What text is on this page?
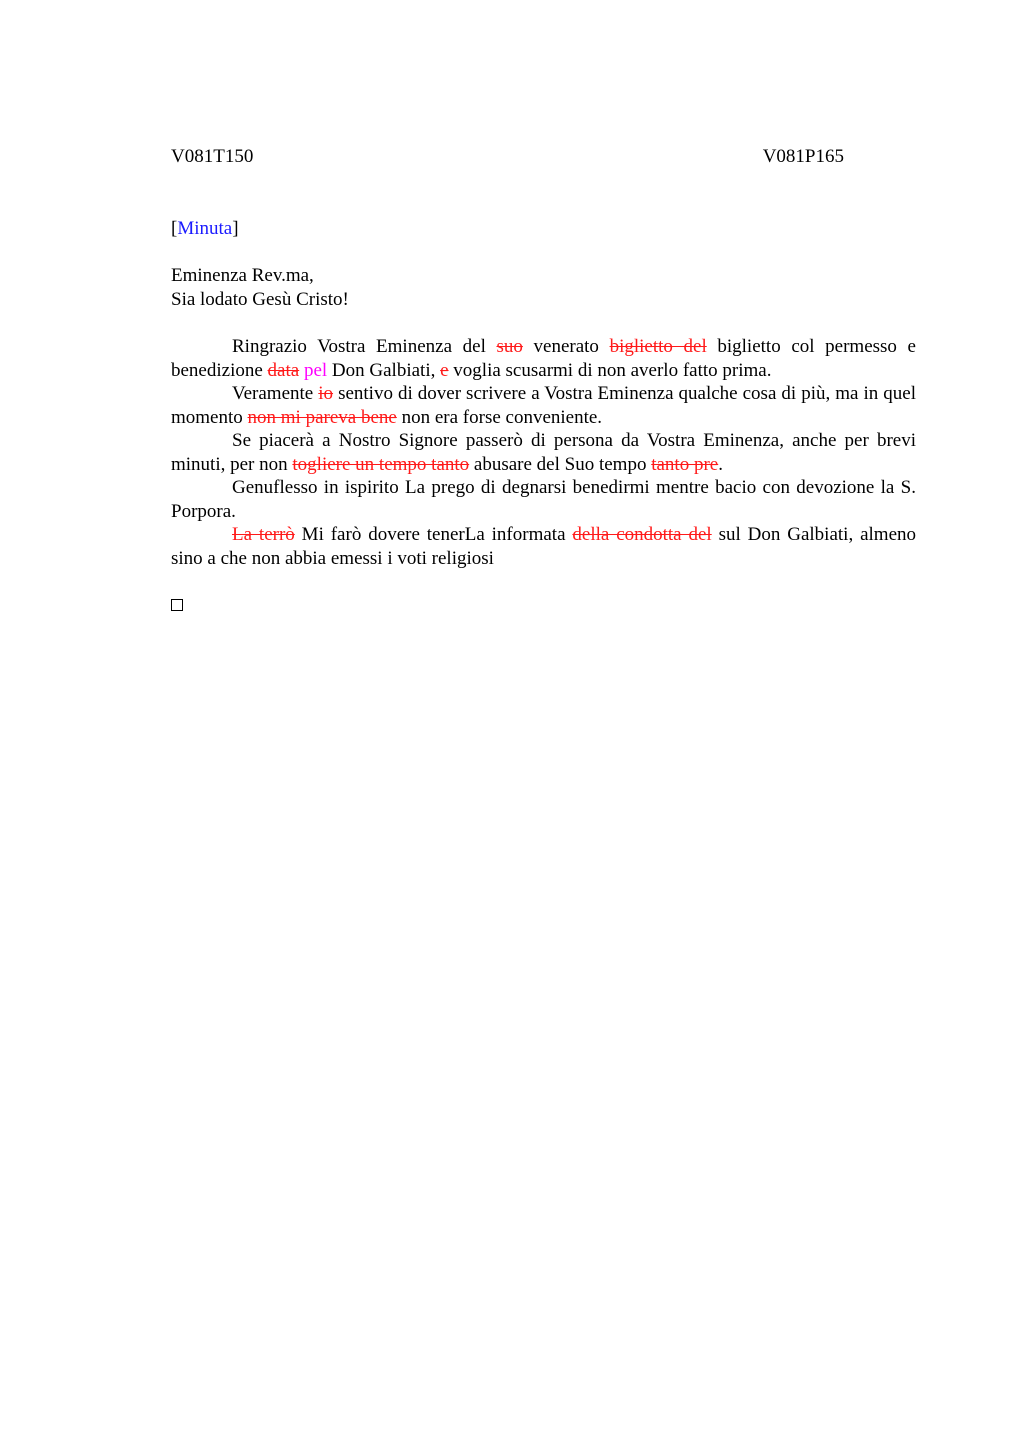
V081T150	V081P165
[Minuta]
Eminenza Rev.ma,
Sia lodato Gesù Cristo!

Ringrazio Vostra Eminenza del suo venerato biglietto del biglietto col permesso e benedizione data pel Don Galbiati, e voglia scusarmi di non averlo fatto prima.

Veramente io sentivo di dover scrivere a Vostra Eminenza qualche cosa di più, ma in quel momento non mi pareva bene non era forse conveniente.

Se piacerà a Nostro Signore passerò di persona da Vostra Eminenza, anche per brevi minuti, per non togliere un tempo tanto abusare del Suo tempo tanto pre.

Genuflesso in ispirito La prego di degnarsi benedirmi mentre bacio con devozione la S. Porpora.

La terrò Mi farò dovere tenerLa informata della condotta del sul Don Galbiati, almeno sino a che non abbia emessi i voti religiosi
